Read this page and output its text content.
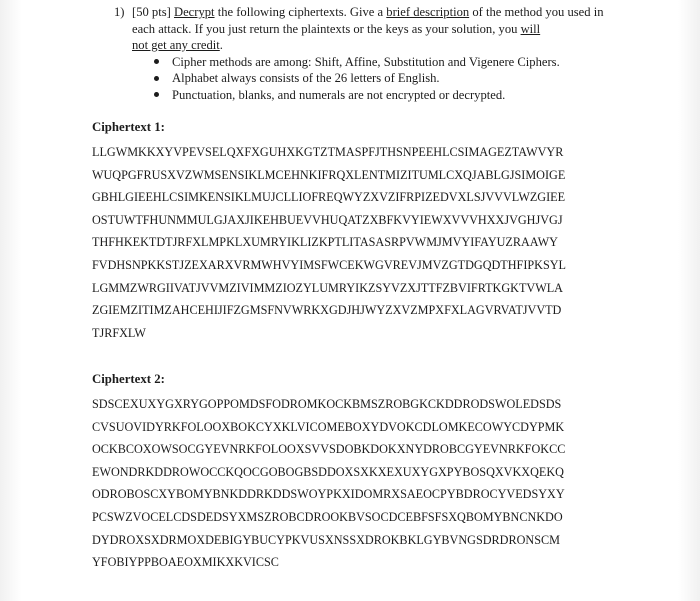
1) [50 pts] Decrypt the following ciphertexts. Give a brief description of the method you used in each attack. If you just return the plaintexts or the keys as your solution, you will
not get any credit.
Cipher methods are among: Shift, Affine, Substitution and Vigenere Ciphers.
Alphabet always consists of the 26 letters of English.
Punctuation, blanks, and numerals are not encrypted or decrypted.
Ciphertext 1:
LLGWMKKXYVPEVSELQXFXGUHXKGTZTMASPFJTHSNPEEHLCSIMAGEZTAWVYR
WUQPGFRUSXVZWMSENSIKLMCEHNKIFRQXLENTMIZITUMLCXQJABLGJSIMOIGE
GBHLGIEEHLCSIMKENSIKLMUJCLLIOFREQWYZXVZIFRPIZEDVXLSJVVVLWZGIEE
OSTUWTFHUNMMULGJAXJIKEHBUEVVHUQATZXBFKVYIEWXVVVHXXJVGHJVGJ
THFHKEKTDTJRFXLMPKLXUMRYIKLIZKPTLITASASRPVWMJMVYIFAYUZRAAWY
FVDHSNPKKSTJZEXARXVRMWHVYIMSFWCEKWGVREVJMVZGTDGQDTHFIPKSYL
LGMMZWRGIIVATJVVMZIVIMMZIOZYLUMRYIKZSYVZXJTTFZBVIFRTKGKTVWLA
ZGIEMZITIMZAHCEHIJIFZGMSFNVWRKXGDJHJWYZXVZMPXFXLAGVRVATJVVTD
TJRFXLW
Ciphertext 2:
SDSCEXUXYGXRYGOPPOMDSFODROMKOCKBMSZROBGKCKDDRODSWOLEDSDS
CVSUOVIDYRKFOLOOXBOKCYXKLVICOMEBOXYDVOKCDLOMKECOWYCDYPMK
OCKBCOXOWSOCGYEVNRKFOLOOXSVVSDOBKDOKXNYDROBCGYEVNRKFOKCC
EWONDRKDDROWOCCKQOCGOBOGBSDDOXSXKXEXUXYGXPYBOSQXVKXQEKQ
ODROBOSCXYBOMYBNKDDRKDDSWOYPKXIDOMRXSAEOCPYBDROCYVEDSYXY
PCSWZVOCELCDSDEDSYXMSZROBCDROOKBVSOCDCEBFSFSXQBOMYBNCNKDO
DYDROXSXDRMOXDEBIGYBUCYPKVUSXNSSXDROKBKLGYBVNGSDRDRONSCM
YFOBIYPPBOAEOXMIKXKVICSC
